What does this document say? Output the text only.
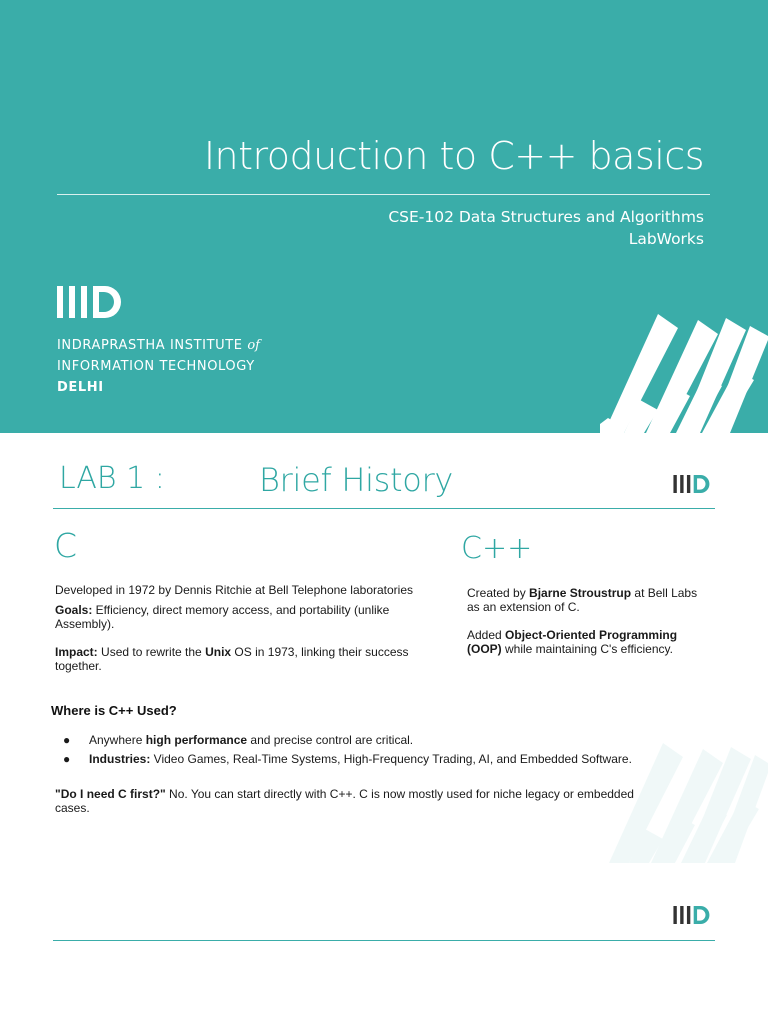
Introduction to C++ basics
CSE-102 Data Structures and Algorithms
LabWorks
INDRAPRASTHA INSTITUTE of
INFORMATION TECHNOLOGY
DELHI
LAB 1 :	Brief History
C	C++

Developed in 1972 by Dennis Ritchie at Bell Telephone laboratories

Goals: Efficiency, direct memory access, and portability (unlike Assembly).

Impact: Used to rewrite the Unix OS in 1973, linking their success together.

Created by Bjarne Stroustrup at Bell Labs as an extension of C.

Added Object-Oriented Programming (OOP) while maintaining C's efficiency.

Where is C++ Used?
● Anywhere high performance and precise control are critical.
● Industries: Video Games, Real-Time Systems, High-Frequency Trading, AI, and Embedded Software.

"Do I need C first?" No. You can start directly with C++. C is now mostly used for niche legacy or embedded cases.
